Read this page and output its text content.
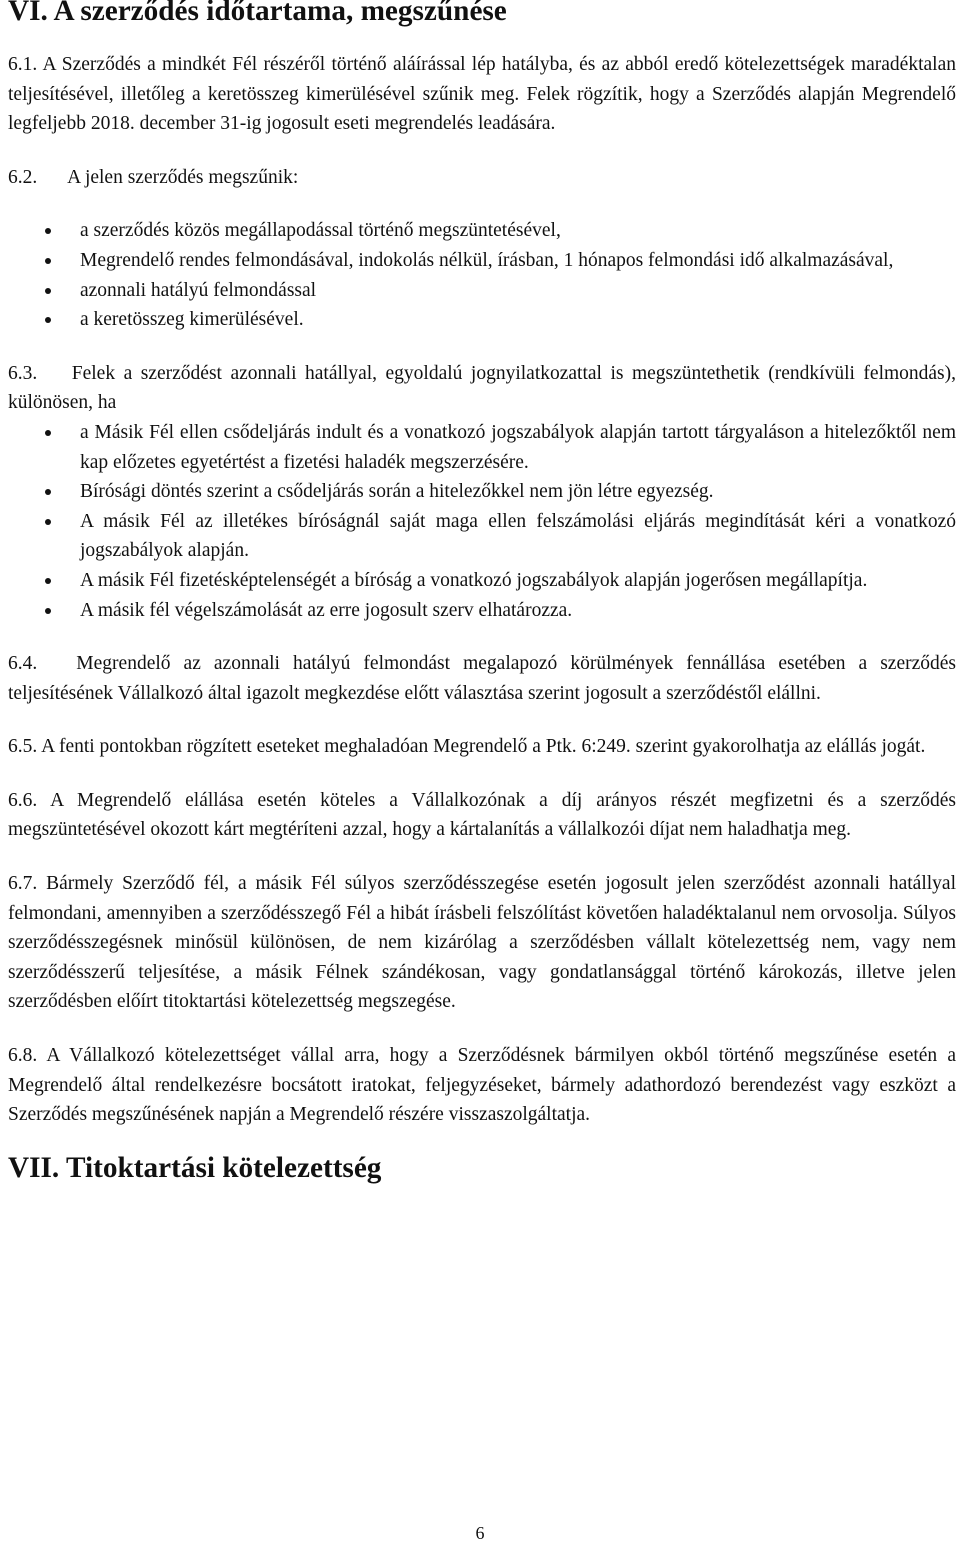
VI. A szerződés időtartama, megszűnése

6.1. A Szerződés a mindkét Fél részéről történő aláírással lép hatályba, és az abból eredő kötelezettségek maradéktalan teljesítésével, illetőleg a keretösszeg kimerülésével szűnik meg. Felek rögzítik, hogy a Szerződés alapján Megrendelő legfeljebb 2018. december 31-ig jogosult eseti megrendelés leadására.

6.2. A jelen szerződés megszűnik:

a szerződés közös megállapodással történő megszüntetésével,
Megrendelő rendes felmondásával, indokolás nélkül, írásban, 1 hónapos felmondási idő alkalmazásával,
azonnali hatályú felmondással
a keretösszeg kimerülésével.

6.3. Felek a szerződést azonnali hatállyal, egyoldalú jognyilatkozattal is megszüntethetik (rendkívüli felmondás), különösen, ha

a Másik Fél ellen csődeljárás indult és a vonatkozó jogszabályok alapján tartott tárgyaláson a hitelezőktől nem kap előzetes egyetértést a fizetési haladék megszerzésére.
Bírósági döntés szerint a csődeljárás során a hitelezőkkel nem jön létre egyezség.
A másik Fél az illetékes bíróságnál saját maga ellen felszámolási eljárás megindítását kéri a vonatkozó jogszabályok alapján.
A másik Fél fizetésképtelenségét a bíróság a vonatkozó jogszabályok alapján jogerősen megállapítja.
A másik fél végelszámolását az erre jogosult szerv elhatározza.

6.4. Megrendelő az azonnali hatályú felmondást megalapozó körülmények fennállása esetében a szerződés teljesítésének Vállalkozó által igazolt megkezdése előtt választása szerint jogosult a szerződéstől elállni.

6.5. A fenti pontokban rögzített eseteket meghaladóan Megrendelő a Ptk. 6:249. szerint gyakorolhatja az elállás jogát.

6.6. A Megrendelő elállása esetén köteles a Vállalkozónak a díj arányos részét megfizetni és a szerződés megszüntetésével okozott kárt megtéríteni azzal, hogy a kártalanítás a vállalkozói díjat nem haladhatja meg.

6.7. Bármely Szerződő fél, a másik Fél súlyos szerződésszegése esetén jogosult jelen szerződést azonnali hatállyal felmondani, amennyiben a szerződésszegő Fél a hibát írásbeli felszólítást követően haladéktalanul nem orvosolja. Súlyos szerződésszegésnek minősül különösen, de nem kizárólag a szerződésben vállalt kötelezettség nem, vagy nem szerződésszerű teljesítése, a másik Félnek szándékosan, vagy gondatlansággal történő károkozás, illetve jelen szerződésben előírt titoktartási kötelezettség megszegése.

6.8. A Vállalkozó kötelezettséget vállal arra, hogy a Szerződésnek bármilyen okból történő megszűnése esetén a Megrendelő által rendelkezésre bocsátott iratokat, feljegyzéseket, bármely adathordozó berendezést vagy eszközt a Szerződés megszűnésének napján a Megrendelő részére visszaszolgáltatja.

VII. Titoktartási kötelezettség
6
